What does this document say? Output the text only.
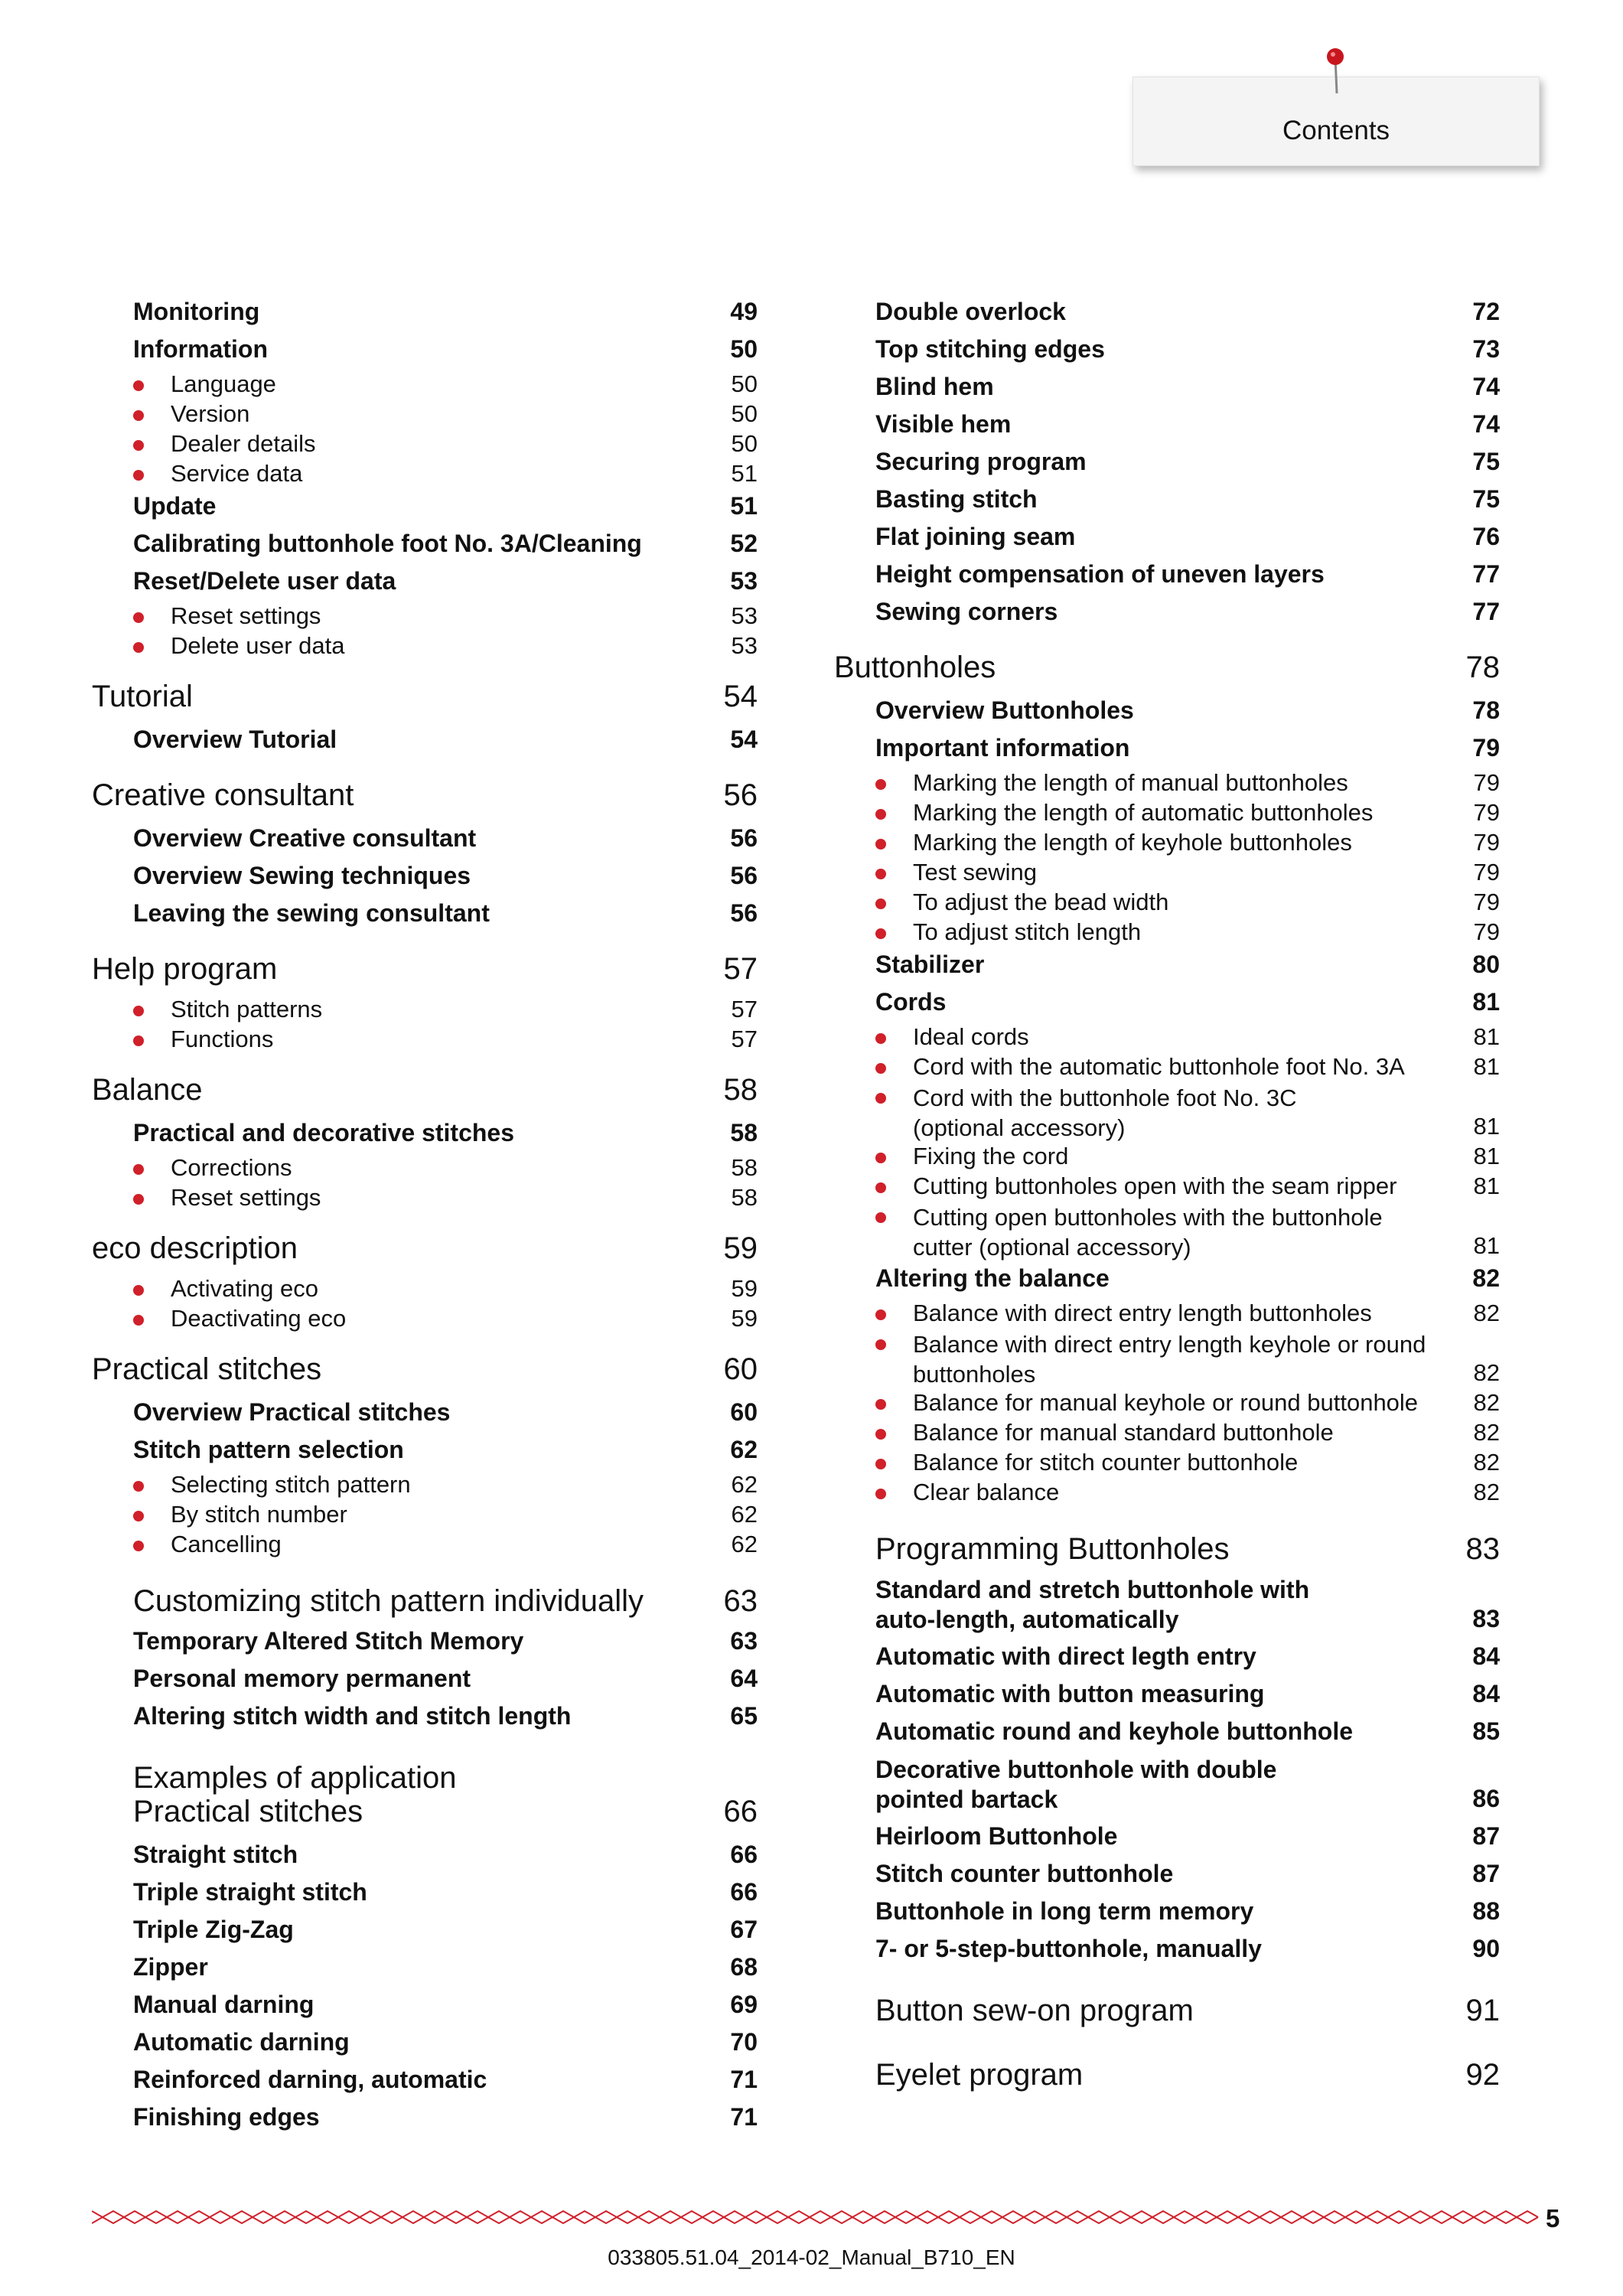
Contents
Monitoring	49
Information	50
Language	50
Version	50
Dealer details	50
Service data	51
Update	51
Calibrating buttonhole foot No. 3A/Cleaning	52
Reset/Delete user data	53
Reset settings	53
Delete user data	53
Tutorial	54
Overview Tutorial	54
Creative consultant	56
Overview Creative consultant	56
Overview Sewing techniques	56
Leaving the sewing consultant	56
Help program	57
Stitch patterns	57
Functions	57
Balance	58
Practical and decorative stitches	58
Corrections	58
Reset settings	58
eco description	59
Activating eco	59
Deactivating eco	59
Practical stitches	60
Overview Practical stitches	60
Stitch pattern selection	62
Selecting stitch pattern	62
By stitch number	62
Cancelling	62
Customizing stitch pattern individually	63
Temporary Altered Stitch Memory	63
Personal memory permanent	64
Altering stitch width and stitch length	65
Examples of application
Practical stitches	66
Straight stitch	66
Triple straight stitch	66
Triple Zig-Zag	67
Zipper	68
Manual darning	69
Automatic darning	70
Reinforced darning, automatic	71
Finishing edges	71
Double overlock	72
Top stitching edges	73
Blind hem	74
Visible hem	74
Securing program	75
Basting stitch	75
Flat joining seam	76
Height compensation of uneven layers	77
Sewing corners	77
Buttonholes	78
Overview Buttonholes	78
Important information	79
Marking the length of manual buttonholes	79
Marking the length of automatic buttonholes	79
Marking the length of keyhole buttonholes	79
Test sewing	79
To adjust the bead width	79
To adjust stitch length	79
Stabilizer	80
Cords	81
Ideal cords	81
Cord with the automatic buttonhole foot No. 3A	81
Cord with the buttonhole foot No. 3C
(optional accessory)	81
Fixing the cord	81
Cutting buttonholes open with the seam ripper	81
Cutting open buttonholes with the buttonhole
cutter (optional accessory)	81
Altering the balance	82
Balance with direct entry length buttonholes	82
Balance with direct entry length keyhole or round
buttonholes	82
Balance for manual keyhole or round buttonhole 82
Balance for manual standard buttonhole	82
Balance for stitch counter buttonhole	82
Clear balance	82
Programming Buttonholes	83
Standard and stretch buttonhole with
auto-length, automatically	83
Automatic with direct legth entry	84
Automatic with button measuring	84
Automatic round and keyhole buttonhole	85
Decorative buttonhole with double
pointed bartack	86
Heirloom Buttonhole	87
Stitch counter buttonhole	87
Buttonhole in long term memory	88
7- or 5-step-buttonhole, manually	90
Button sew-on program	91
Eyelet program	92
5
033805.51.04_2014-02_Manual_B710_EN
